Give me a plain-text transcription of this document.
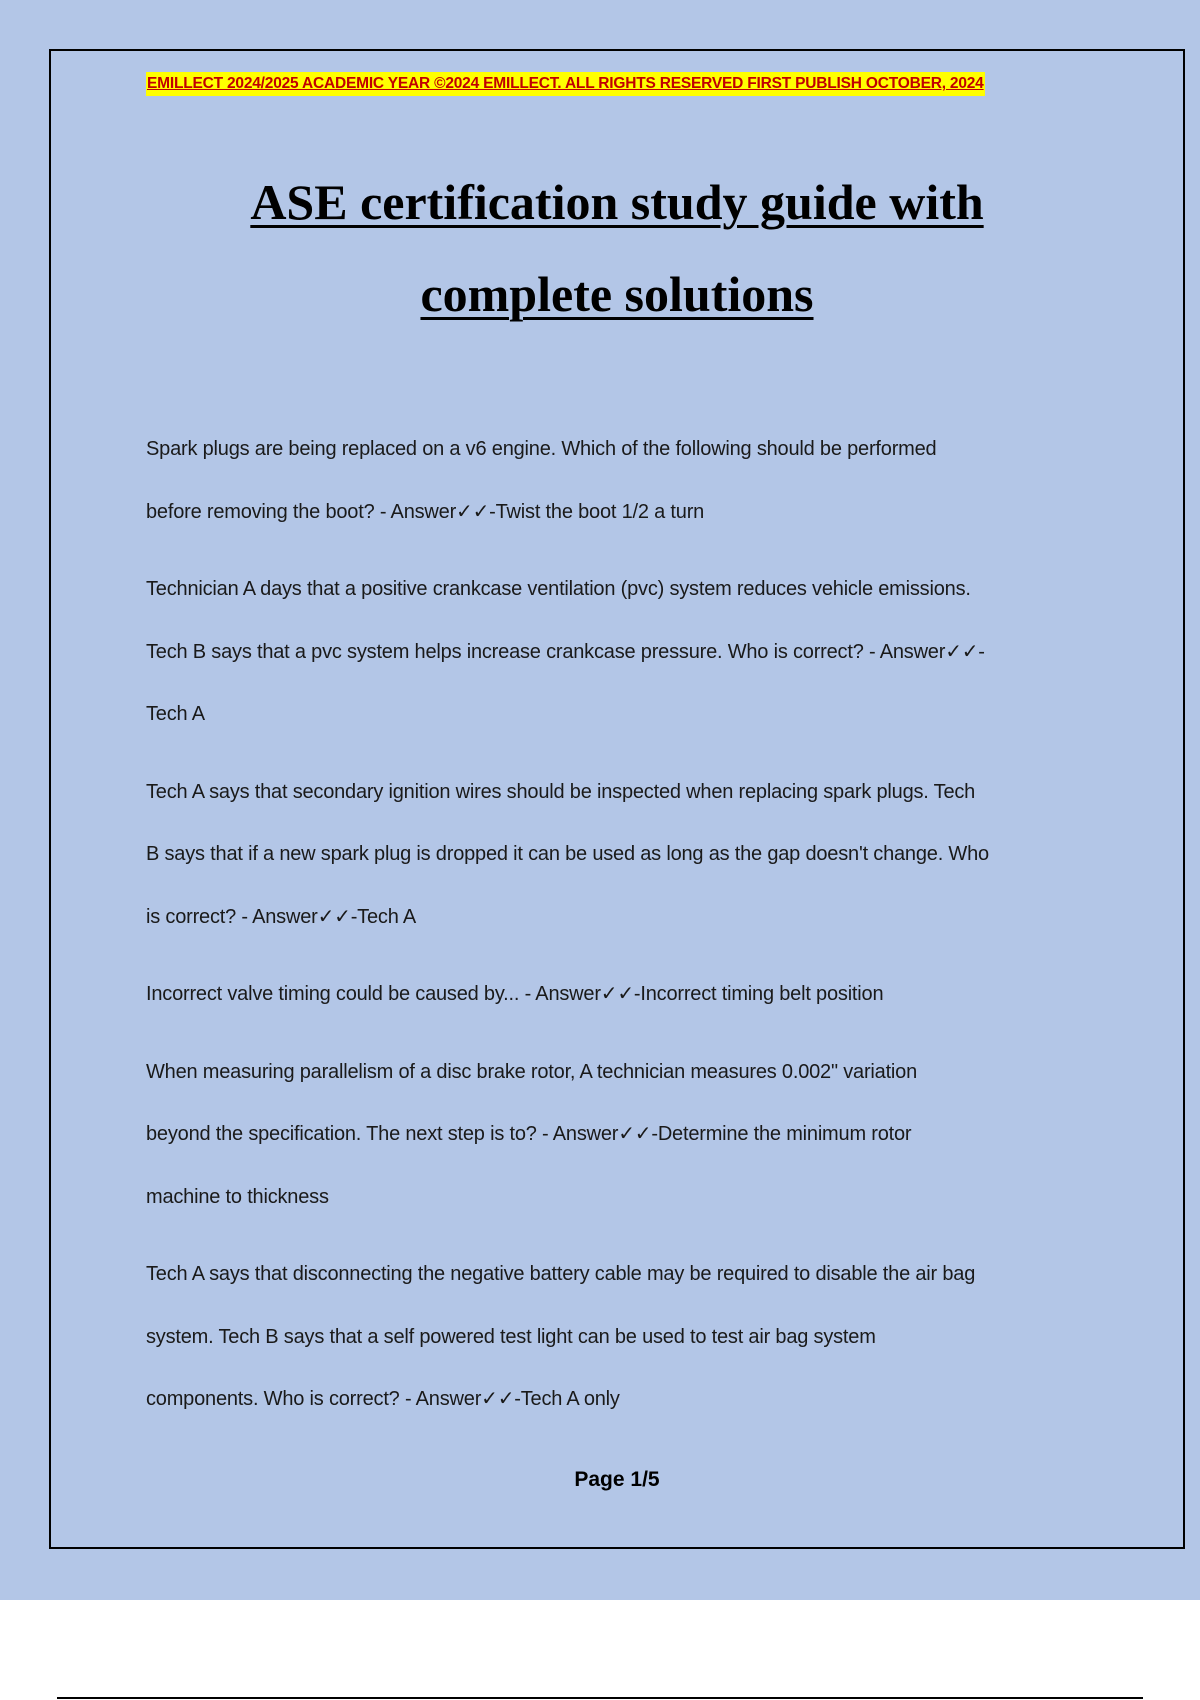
EMILLECT 2024/2025 ACADEMIC YEAR ©2024 EMILLECT. ALL RIGHTS RESERVED FIRST PUBLISH OCTOBER, 2024
ASE certification study guide with
complete solutions

Spark plugs are being replaced on a v6 engine. Which of the following should be performed
before removing the boot? - Answer✓✓-Twist the boot 1/2 a turn

Technician A days that a positive crankcase ventilation (pvc) system reduces vehicle emissions.
Tech B says that a pvc system helps increase crankcase pressure. Who is correct? - Answer✓✓-
Tech A

Tech A says that secondary ignition wires should be inspected when replacing spark plugs. Tech
B says that if a new spark plug is dropped it can be used as long as the gap doesn't change. Who
is correct? - Answer✓✓-Tech A

Incorrect valve timing could be caused by... - Answer✓✓-Incorrect timing belt position

When measuring parallelism of a disc brake rotor, A technician measures 0.002" variation
beyond the specification. The next step is to? - Answer✓✓-Determine the minimum rotor
machine to thickness

Tech A says that disconnecting the negative battery cable may be required to disable the air bag
system. Tech B says that a self powered test light can be used to test air bag system
components. Who is correct? - Answer✓✓-Tech A only

Page 1/5
